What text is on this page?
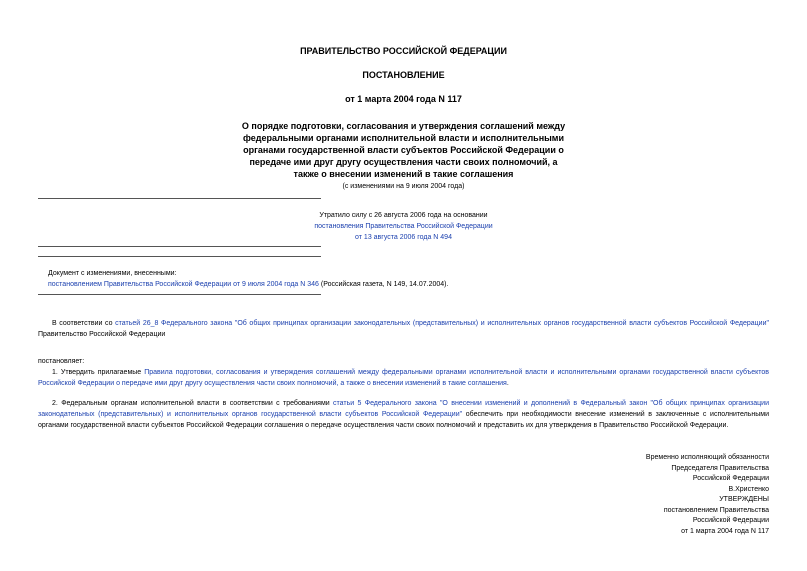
ПРАВИТЕЛЬСТВО РОССИЙСКОЙ ФЕДЕРАЦИИ
ПОСТАНОВЛЕНИЕ
от 1 марта 2004 года N 117
О порядке подготовки, согласования и утверждения соглашений между
федеральными органами исполнительной власти и исполнительными
органами государственной власти субъектов Российской Федерации о
передаче ими друг другу осуществления части своих полномочий, а
также о внесении изменений в такие соглашения
(с изменениями на 9 июля 2004 года)
Утратило силу с 26 августа 2006 года на основании
постановления Правительства Российской Федерации
от 13 августа 2006 года N 494
Документ с изменениями, внесенными:
постановлением Правительства Российской Федерации от 9 июля 2004 года N 346 (Российская газета, N 149, 14.07.2004).
В соответствии со статьей 26_8 Федерального закона "Об общих принципах организации законодательных (представительных) и исполнительных органов государственной власти субъектов Российской Федерации" Правительство Российской Федерации
постановляет:
1. Утвердить прилагаемые Правила подготовки, согласования и утверждения соглашений между федеральными органами исполнительной власти и исполнительными органами государственной власти субъектов Российской Федерации о передаче ими друг другу осуществления части своих полномочий, а также о внесении изменений в такие соглашения.
2. Федеральным органам исполнительной власти в соответствии с требованиями статьи 5 Федерального закона "О внесении изменений и дополнений в Федеральный закон "Об общих принципах организации законодательных (представительных) и исполнительных органов государственной власти субъектов Российской Федерации" обеспечить при необходимости внесение изменений в заключенные с исполнительными органами государственной власти субъектов Российской Федерации соглашения о передаче осуществления части своих полномочий и представить их для утверждения в Правительство Российской Федерации.
Временно исполняющий обязанности
Председателя Правительства
Российской Федерации
В.Христенко
УТВЕРЖДЕНЫ
постановлением Правительства
Российской Федерации
от 1 марта 2004 года N 117
